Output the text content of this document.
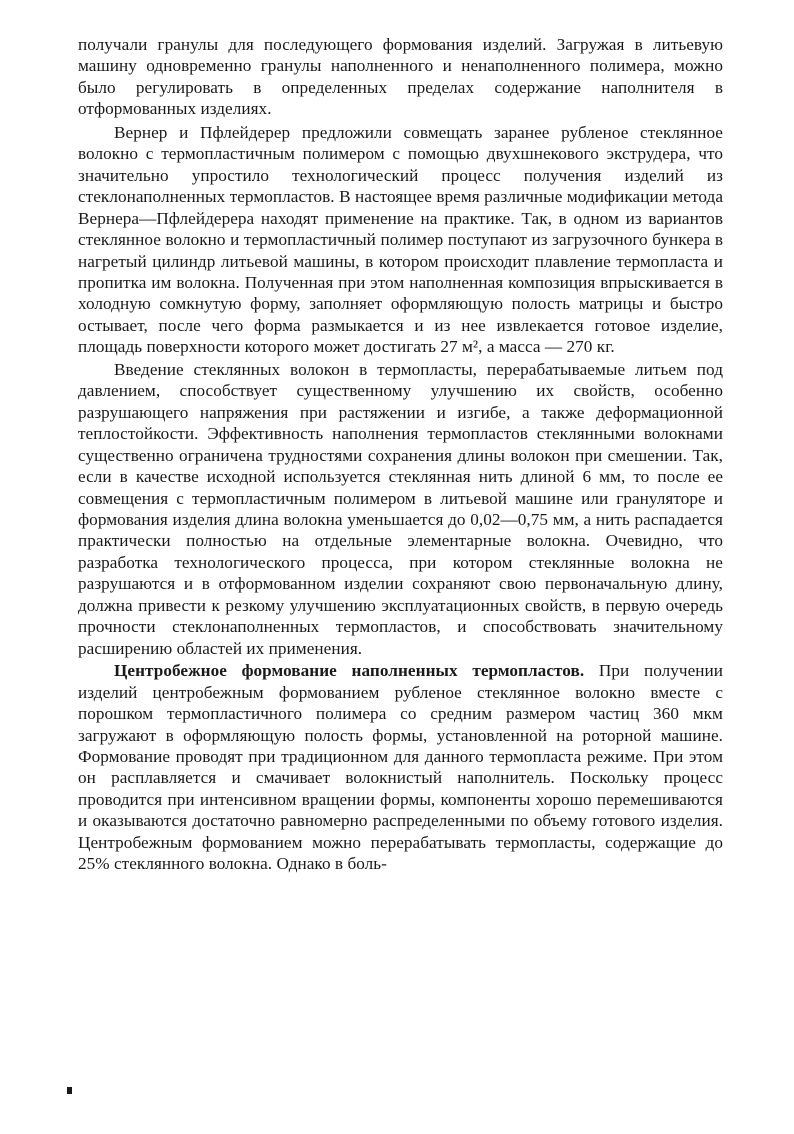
получали гранулы для последующего формования изделий. Загружая в литьевую машину одновременно гранулы наполненного и ненаполненного полимера, можно было регулировать в определенных пределах содержание наполнителя в отформованных изделиях.

Вернер и Пфлейдерер предложили совмещать заранее рубленое стеклянное волокно с термопластичным полимером с помощью двухшнекового экструдера, что значительно упростило технологический процесс получения изделий из стеклонаполненных термопластов. В настоящее время различные модификации метода Вернера—Пфлейдерера находят применение на практике. Так, в одном из вариантов стеклянное волокно и термопластичный полимер поступают из загрузочного бункера в нагретый цилиндр литьевой машины, в котором происходит плавление термопласта и пропитка им волокна. Полученная при этом наполненная композиция впрыскивается в холодную сомкнутую форму, заполняет оформляющую полость матрицы и быстро остывает, после чего форма размыкается и из нее извлекается готовое изделие, площадь поверхности которого может достигать 27 м², а масса — 270 кг.

Введение стеклянных волокон в термопласты, перерабатываемые литьем под давлением, способствует существенному улучшению их свойств, особенно разрушающего напряжения при растяжении и изгибе, а также деформационной теплостойкости. Эффективность наполнения термопластов стеклянными волокнами существенно ограничена трудностями сохранения длины волокон при смешении. Так, если в качестве исходной используется стеклянная нить длиной 6 мм, то после ее совмещения с термопластичным полимером в литьевой машине или грануляторе и формования изделия длина волокна уменьшается до 0,02—0,75 мм, а нить распадается практически полностью на отдельные элементарные волокна. Очевидно, что разработка технологического процесса, при котором стеклянные волокна не разрушаются и в отформованном изделии сохраняют свою первоначальную длину, должна привести к резкому улучшению эксплуатационных свойств, в первую очередь прочности стеклонаполненных термопластов, и способствовать значительному расширению областей их применения.

Центробежное формование наполненных термопластов. При получении изделий центробежным формованием рубленое стеклянное волокно вместе с порошком термопластичного полимера со средним размером частиц 360 мкм загружают в оформляющую полость формы, установленной на роторной машине. Формование проводят при традиционном для данного термопласта режиме. При этом он расплавляется и смачивает волокнистый наполнитель. Поскольку процесс проводится при интенсивном вращении формы, компоненты хорошо перемешиваются и оказываются достаточно равномерно распределенными по объему готового изделия. Центробежным формованием можно перерабатывать термопласты, содержащие до 25% стеклянного волокна. Однако в боль-
